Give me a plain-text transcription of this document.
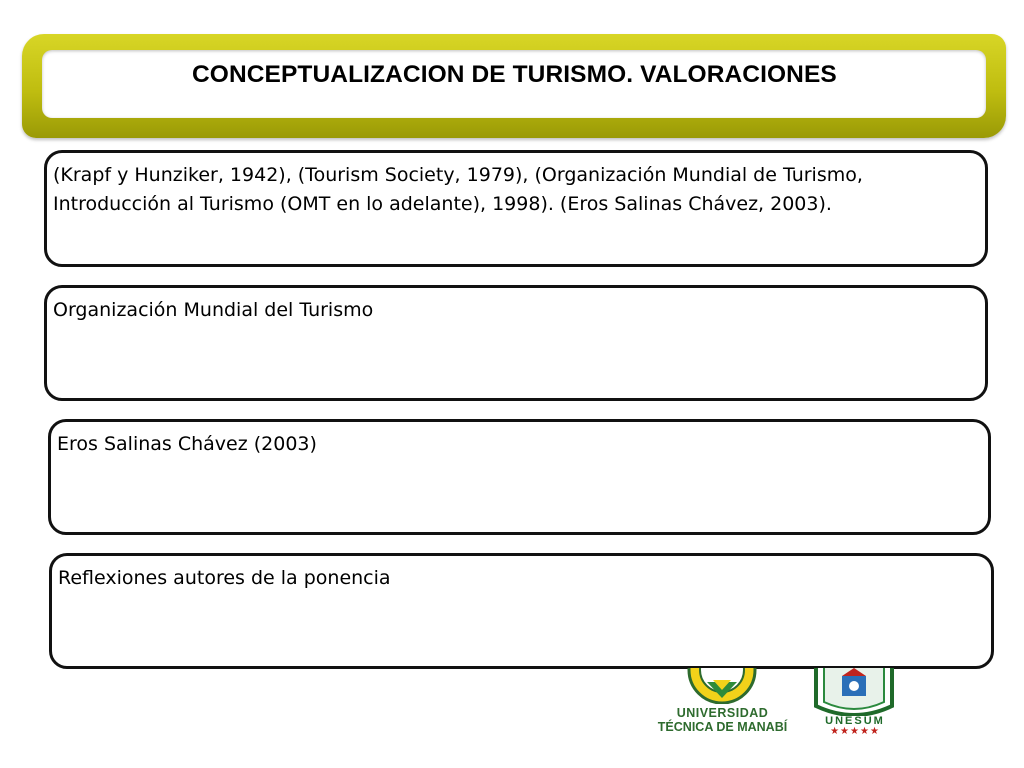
CONCEPTUALIZACION DE TURISMO. VALORACIONES
(Krapf y Hunziker, 1942), (Tourism Society, 1979), (Organización Mundial de Turismo, Introducción al Turismo (OMT en lo adelante), 1998). (Eros Salinas Chávez, 2003).
Organización Mundial del Turismo
Eros Salinas Chávez (2003)
Reflexiones autores de la ponencia
UNIVERSIDAD
TÉCNICA DE MANABÍ	UNESUM
★★★★★
